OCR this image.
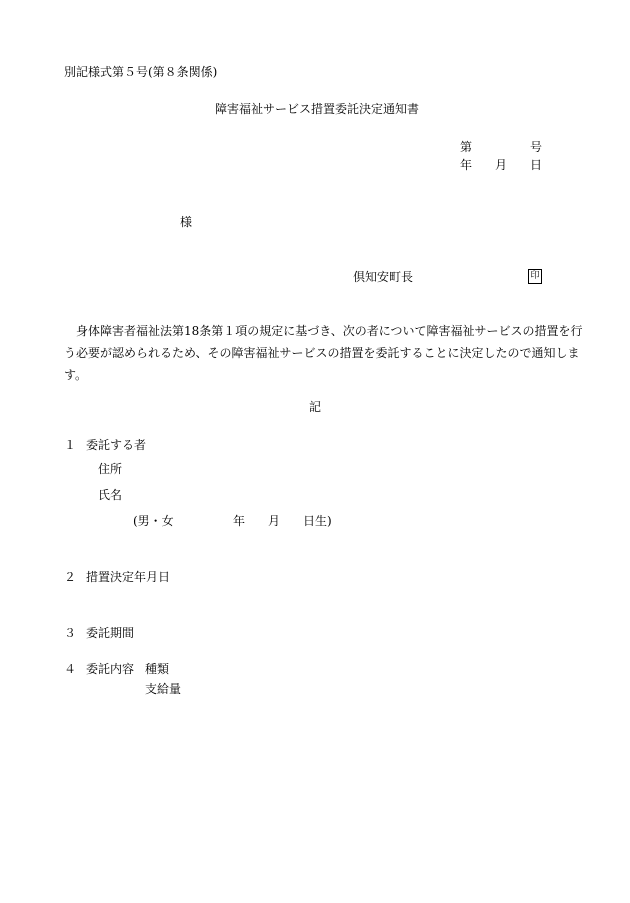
別記様式第５号(第８条関係)
障害福祉サービス措置委託決定通知書
第	号
年 月 日
様
倶知安町長	印
身体障害者福祉法第18条第１項の規定に基づき、次の者について障害福祉サービスの措置を行う必要が認められるため、その障害福祉サービスの措置を委託することに決定したので通知します。
記
１ 委託する者
住所
氏名
(男・女	年 月 日生)
２ 措置決定年月日
３ 委託期間
４ 委託内容 種類
支給量
